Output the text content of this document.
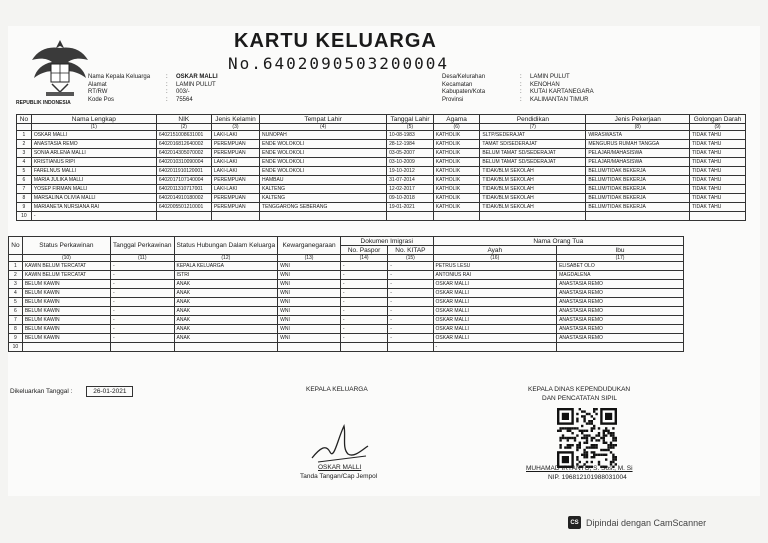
REPUBLIK INDONESIA
KARTU KELUARGA
No.6402090503200004
Nama Kepala Keluarga	:	OSKAR MALLI
Alamat	:	LAMIN PULUT
RT/RW	:	003/-
Kode Pos	:	75564
Desa/Kelurahan	:	LAMIN PULUT
Kecamatan	:	KENOHAN
Kabupaten/Kota	:	KUTAI KARTANEGARA
Provinsi	:	KALIMANTAN TIMUR
No	Nama Lengkap	NIK	Jenis Kelamin	Tempat Lahir	Tanggal Lahir	Agama	Pendidikan	Jenis Pekerjaan	Golongan Darah
	(1)	(2)	(3)	(4)	(5)	(6)	(7)	(8)	(9)
1	OSKAR MALLI	6402151008631001	LAKI-LAKI	NUNOPAH	10-08-1983	KATHOLIK	SLTP/SEDERAJAT	WIRASWASTA	TIDAK TAHU
2	ANASTASIA REMO	6402016812640002	PEREMPUAN	ENDE WOLOKOLI	28-12-1984	KATHOLIK	TAMAT SD/SEDERAJAT	MENGURUS RUMAH TANGGA	TIDAK TAHU
3	SONIA ARLENA MALLI	6402014305070002	PEREMPUAN	ENDE WOLOKOLI	03-05-2007	KATHOLIK	BELUM TAMAT SD/SEDERAJAT	PELAJAR/MAHASISWA	TIDAK TAHU
4	KRISTIANUS RIPI	6402010310090004	LAKI-LAKI	ENDE WOLOKOLI	03-10-2009	KATHOLIK	BELUM TAMAT SD/SEDERAJAT	PELAJAR/MAHASISWA	TIDAK TAHU
5	FARELNUS MALLI	6402011910120001	LAKI-LAKI	ENDE WOLOKOLI	19-10-2012	KATHOLIK	TIDAK/BLM SEKOLAH	BELUM/TIDAK BEKERJA	TIDAK TAHU
6	MARIA JULIKA MALLI	6402017107140004	PEREMPUAN	HAMBAU	31-07-2014	KATHOLIK	TIDAK/BLM SEKOLAH	BELUM/TIDAK BEKERJA	TIDAK TAHU
7	YOSEP FIRMAN MALLI	6402011310717001	LAKI-LAKI	KALTENG	12-02-2017	KATHOLIK	TIDAK/BLM SEKOLAH	BELUM/TIDAK BEKERJA	TIDAK TAHU
8	MARSALINA OLIVIA MALLI	6402014910180002	PEREMPUAN	KALTENG	09-10-2018	KATHOLIK	TIDAK/BLM SEKOLAH	BELUM/TIDAK BEKERJA	TIDAK TAHU
9	MARIANETA NURSIANA RAI	6402005501210001	PEREMPUAN	TENGGARONG SEBERANG	19-01-2021	KATHOLIK	TIDAK/BLM SEKOLAH	BELUM/TIDAK BEKERJA	TIDAK TAHU
10	-								
No	Status Perkawinan	Tanggal Perkawinan	Status Hubungan Dalam Keluarga	Kewarganegaraan	Dokumen Imigrasi		Nama Orang Tua	
					No. Paspor	No. KITAP	Ayah	Ibu
	(10)	(11)	(12)	(13)	(14)	(15)	(16)	(17)
1	KAWIN BELUM TERCATAT	-	KEPALA KELUARGA	WNI	-	-	PETRUS LESU	ELISABET OLO
2	KAWIN BELUM TERCATAT	-	ISTRI	WNI	-	-	ANTONIUS RAI	MAGDALENA
3	BELUM KAWIN	-	ANAK	WNI	-	-	OSKAR MALLI	ANASTASIA REMO
4	BELUM KAWIN	-	ANAK	WNI	-	-	OSKAR MALLI	ANASTASIA REMO
5	BELUM KAWIN	-	ANAK	WNI	-	-	OSKAR MALLI	ANASTASIA REMO
6	BELUM KAWIN	-	ANAK	WNI	-	-	OSKAR MALLI	ANASTASIA REMO
7	BELUM KAWIN	-	ANAK	WNI	-	-	OSKAR MALLI	ANASTASIA REMO
8	BELUM KAWIN	-	ANAK	WNI	-	-	OSKAR MALLI	ANASTASIA REMO
9	BELUM KAWIN	-	ANAK	WNI	-	-	OSKAR MALLI	ANASTASIA REMO
10							-	
Dikeluarkan Tanggal :	26-01-2021	KEPALA KELUARGA
OSKAR MALLI
Tanda Tangan/Cap Jempol
KEPALA DINAS KEPENDUDUKAN
DAN PENCATATAN SIPIL
MUHAMAD IRYANTO, S. Sos., M. Si
NIP. 196812101988031004
CS Dipindai dengan CamScanner
